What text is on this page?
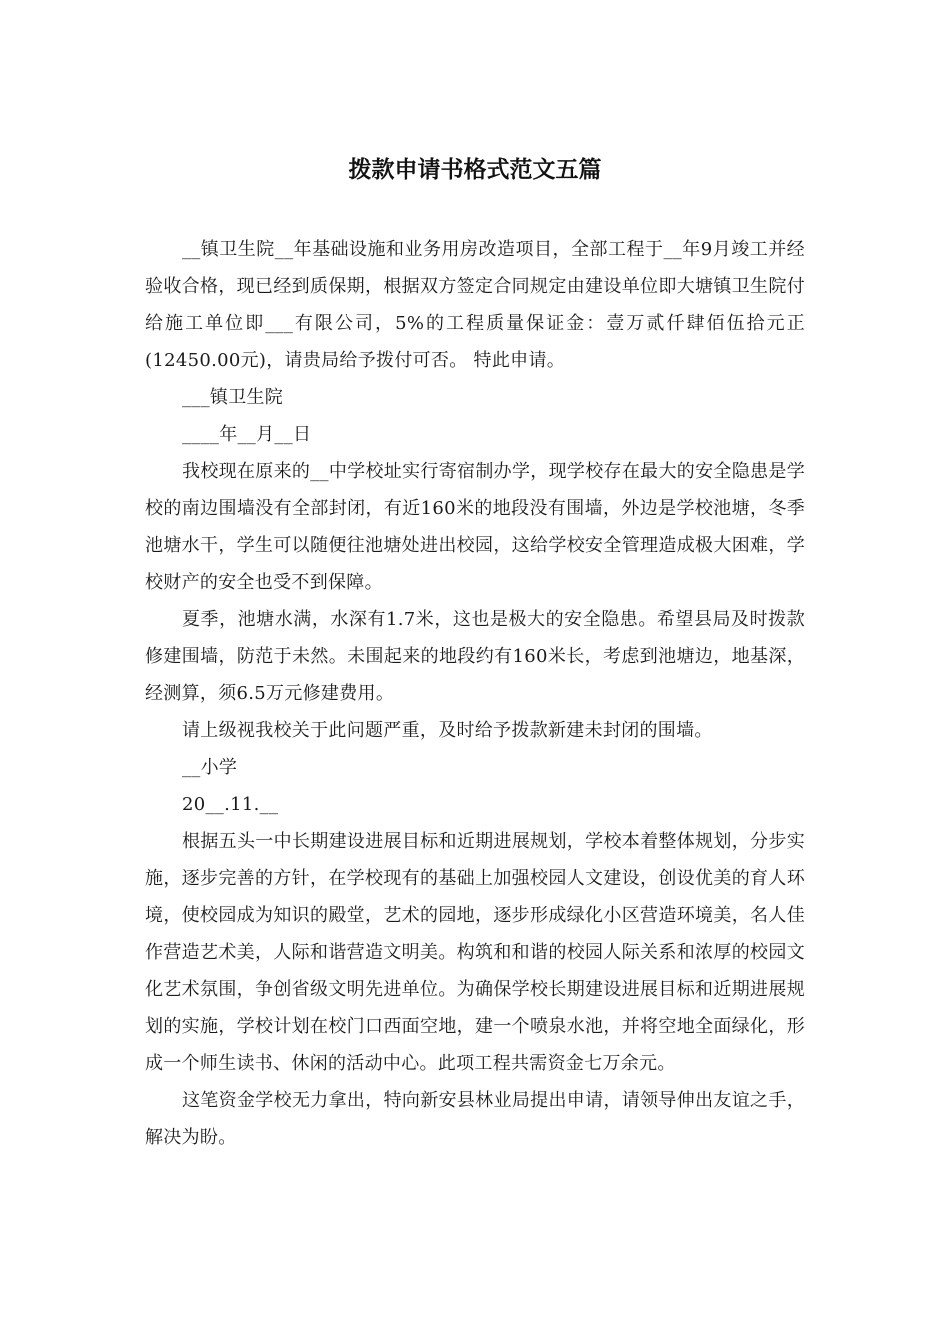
拨款申请书格式范文五篇

__镇卫生院__年基础设施和业务用房改造项目，全部工程于__年9月竣工并经验收合格，现已经到质保期，根据双方签定合同规定由建设单位即大塘镇卫生院付给施工单位即___有限公司，5%的工程质量保证金：壹万贰仟肆佰伍拾元正(12450.00元)，请贵局给予拨付可否。 特此申请。

___镇卫生院

____年__月__日

我校现在原来的__中学校址实行寄宿制办学，现学校存在最大的安全隐患是学校的南边围墙没有全部封闭，有近160米的地段没有围墙，外边是学校池塘，冬季池塘水干，学生可以随便往池塘处进出校园，这给学校安全管理造成极大困难，学校财产的安全也受不到保障。

夏季，池塘水满，水深有1.7米，这也是极大的安全隐患。希望县局及时拨款修建围墙，防范于未然。未围起来的地段约有160米长，考虑到池塘边，地基深，经测算，须6.5万元修建费用。

请上级视我校关于此问题严重，及时给予拨款新建未封闭的围墙。

__小学

20__.11.__

根据五头一中长期建设进展目标和近期进展规划，学校本着整体规划，分步实施，逐步完善的方针，在学校现有的基础上加强校园人文建设，创设优美的育人环境，使校园成为知识的殿堂，艺术的园地，逐步形成绿化小区营造环境美，名人佳作营造艺术美，人际和谐营造文明美。构筑和和谐的校园人际关系和浓厚的校园文化艺术氛围，争创省级文明先进单位。为确保学校长期建设进展目标和近期进展规划的实施，学校计划在校门口西面空地，建一个喷泉水池，并将空地全面绿化，形成一个师生读书、休闲的活动中心。此项工程共需资金七万余元。

这笔资金学校无力拿出，特向新安县林业局提出申请，请领导伸出友谊之手，解决为盼。
